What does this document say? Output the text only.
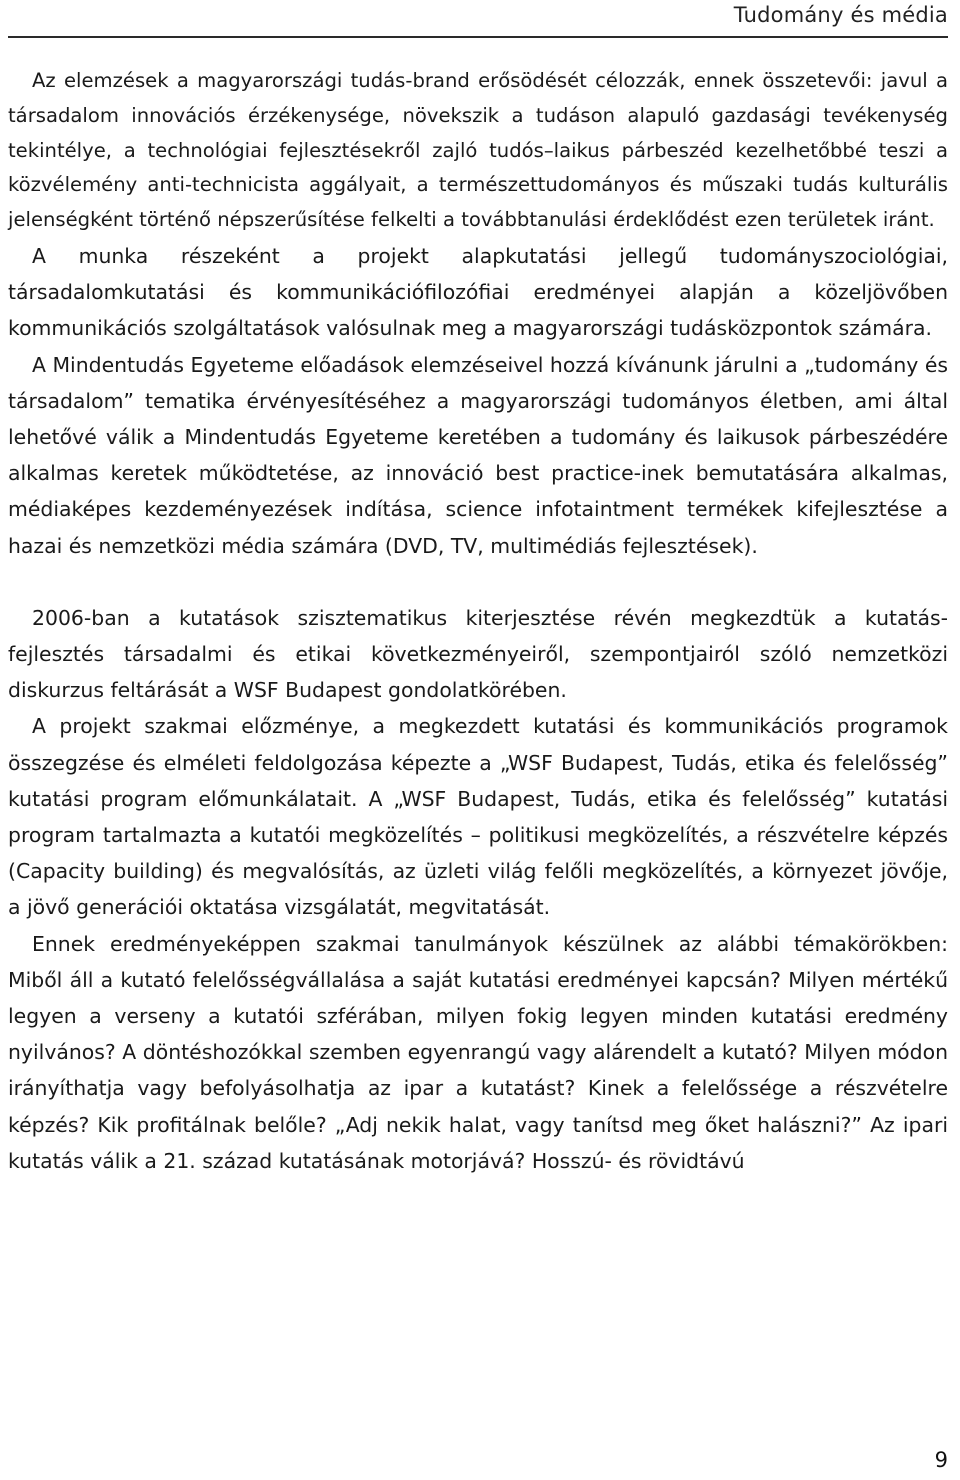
Tudomány és média

Az elemzések a magyarországi tudás-brand erősödését célozzák, ennek összetevői: javul a társadalom innovációs érzékenysége, növekszik a tudáson alapuló gazdasági tevékenység tekintélye, a technológiai fejlesztésekről zajló tudós–laikus párbeszéd kezelhetőbbé teszi a közvélemény anti-technicista aggályait, a természettudományos és műszaki tudás kulturális jelenségként történő népszerűsítése felkelti a továbbtanulási érdeklődést ezen területek iránt.

A munka részeként a projekt alapkutatási jellegű tudományszociológiai, társadalomkutatási és kommunikációfilozófiai eredményei alapján a közeljövőben kommunikációs szolgáltatások valósulnak meg a magyarországi tudásközpontok számára.

A Mindentudás Egyeteme előadások elemzéseivel hozzá kívánunk járulni a „tudomány és társadalom” tematika érvényesítéséhez a magyarországi tudományos életben, ami által lehetővé válik a Mindentudás Egyeteme keretében a tudomány és laikusok párbeszédére alkalmas keretek működtetése, az innováció best practice-inek bemutatására alkalmas, médiaképes kezdeményezések indítása, science infotaintment termékek kifejlesztése a hazai és nemzetközi média számára (DVD, TV, multimédiás fejlesztések).

2006-ban a kutatások szisztematikus kiterjesztése révén megkezdtük a kutatás-fejlesztés társadalmi és etikai következményeiről, szempontjairól szóló nemzetközi diskurzus feltárását a WSF Budapest gondolatkörében.

A projekt szakmai előzménye, a megkezdett kutatási és kommunikációs programok összegzése és elméleti feldolgozása képezte a „WSF Budapest, Tudás, etika és felelősség” kutatási program előmunkálatait. A „WSF Budapest, Tudás, etika és felelősség” kutatási program tartalmazta a kutatói megközelítés – politikusi megközelítés, a részvételre képzés (Capacity building) és megvalósítás, az üzleti világ felőli megközelítés, a környezet jövője, a jövő generációi oktatása vizsgálatát, megvitatását.

Ennek eredményeképpen szakmai tanulmányok készülnek az alábbi témakörökben: Miből áll a kutató felelősségvállalása a saját kutatási eredményei kapcsán? Milyen mértékű legyen a verseny a kutatói szférában, milyen fokig legyen minden kutatási eredmény nyilvános? A döntéshozókkal szemben egyenrangú vagy alárendelt a kutató? Milyen módon irányíthatja vagy befolyásolhatja az ipar a kutatást? Kinek a felelőssége a részvételre képzés? Kik profitálnak belőle? „Adj nekik halat, vagy tanítsd meg őket halászni?” Az ipari kutatás válik a 21. század kutatásának motorjává? Hosszú- és rövidtávú

9
